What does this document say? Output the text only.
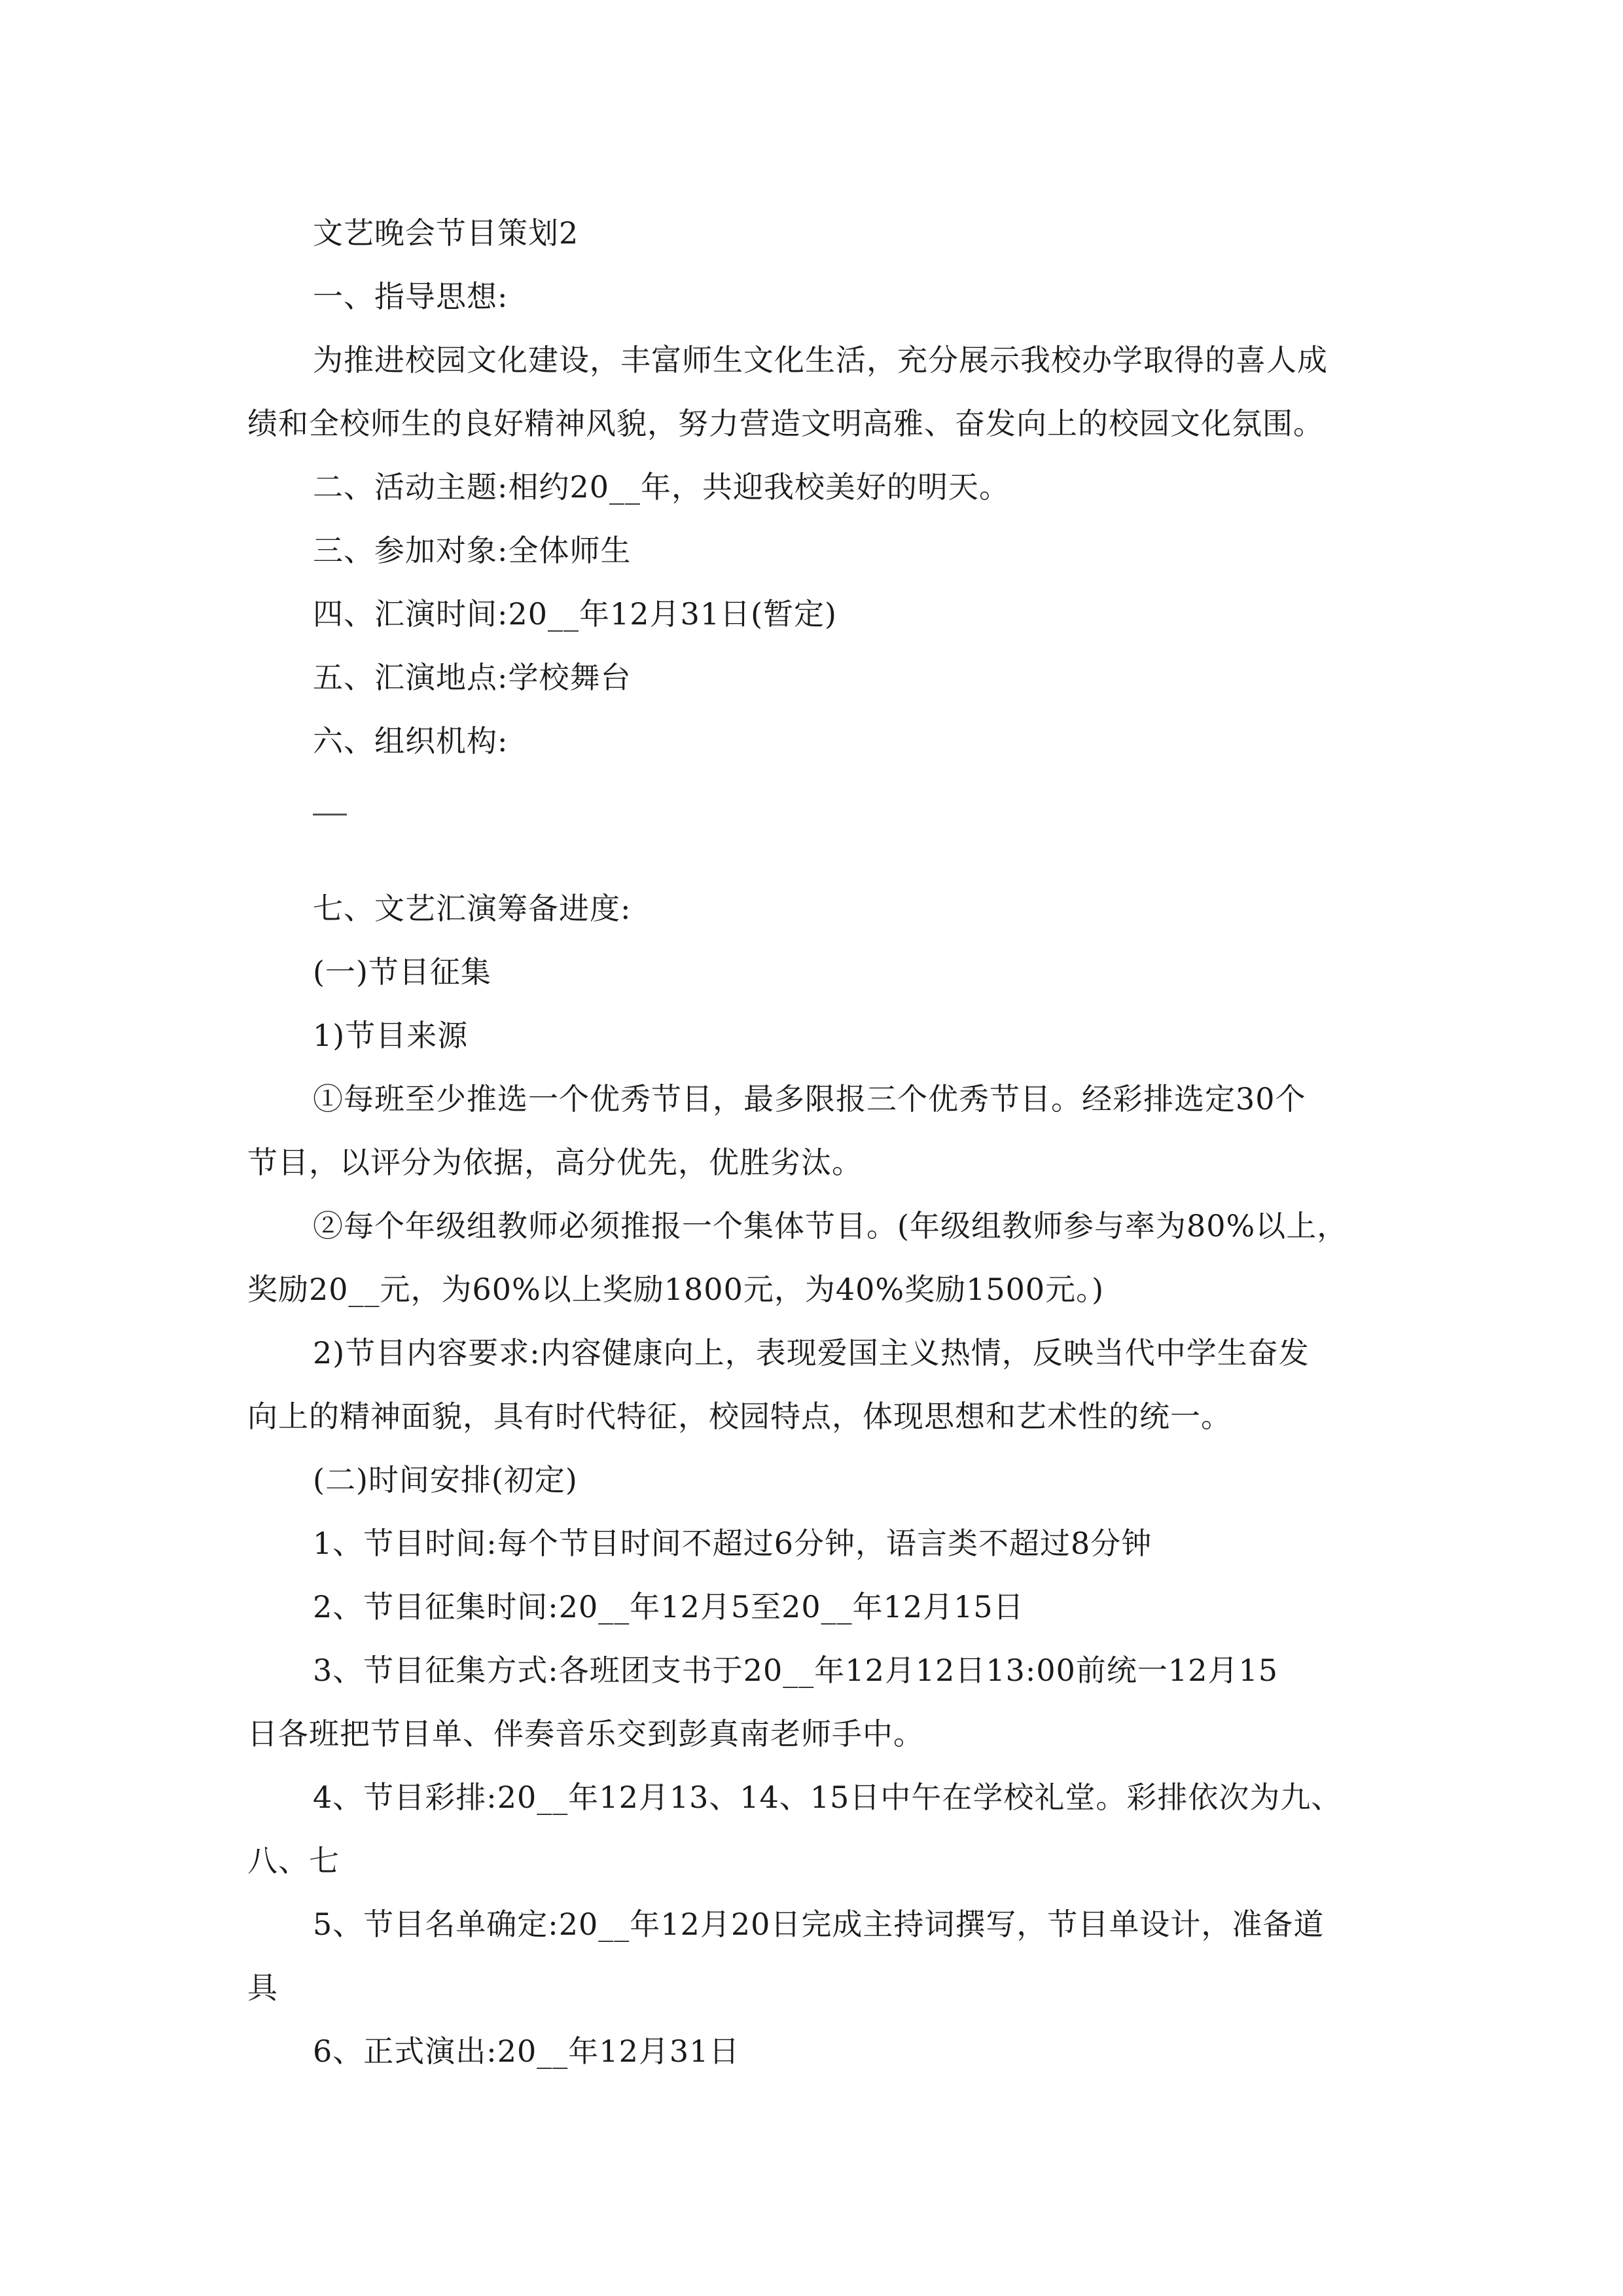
文艺晚会节目策划2
一、指导思想:
为推进校园文化建设，丰富师生文化生活，充分展示我校办学取得的喜人成
绩和全校师生的良好精神风貌，努力营造文明高雅、奋发向上的校园文化氛围。
二、活动主题:相约20__年，共迎我校美好的明天。
三、参加对象:全体师生
四、汇演时间:20__年12月31日(暂定)
五、汇演地点:学校舞台
六、组织机构:
七、文艺汇演筹备进度:
(一)节目征集
1)节目来源
①每班至少推选一个优秀节目，最多限报三个优秀节目。经彩排选定30个
节目，以评分为依据，高分优先，优胜劣汰。
②每个年级组教师必须推报一个集体节目。(年级组教师参与率为80%以上，
奖励20__元，为60%以上奖励1800元，为40%奖励1500元。)
2)节目内容要求:内容健康向上，表现爱国主义热情，反映当代中学生奋发
向上的精神面貌，具有时代特征，校园特点，体现思想和艺术性的统一。
(二)时间安排(初定)
1、节目时间:每个节目时间不超过6分钟，语言类不超过8分钟
2、节目征集时间:20__年12月5至20__年12月15日
3、节目征集方式:各班团支书于20__年12月12日13:00前统一12月15
日各班把节目单、伴奏音乐交到彭真南老师手中。
4、节目彩排:20__年12月13、14、15日中午在学校礼堂。彩排依次为九、
八、七
5、节目名单确定:20__年12月20日完成主持词撰写，节目单设计，准备道
具
6、正式演出:20__年12月31日
